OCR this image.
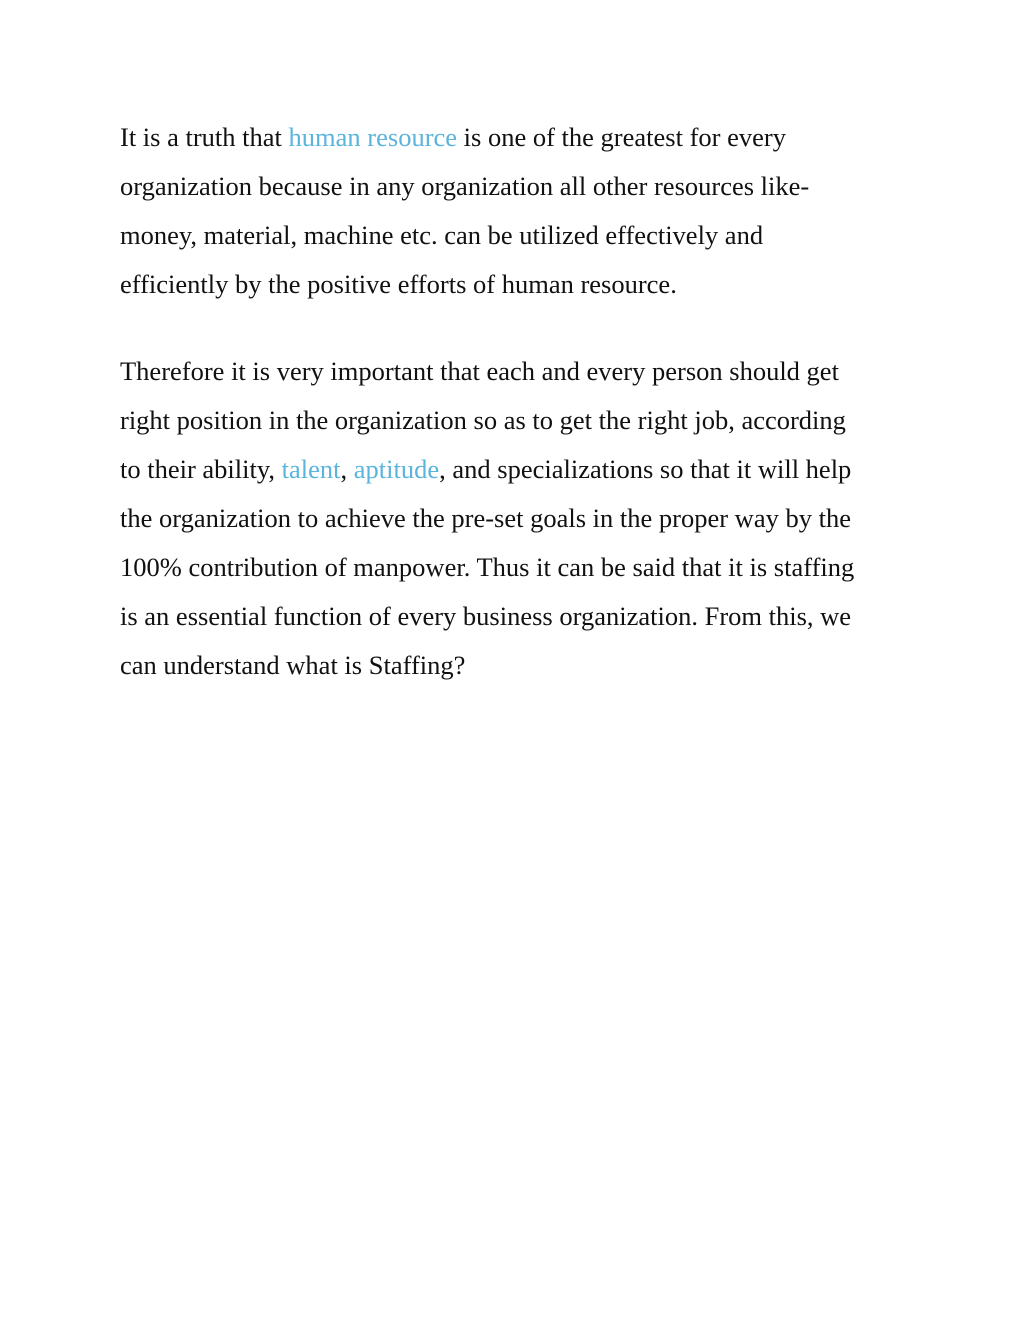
It is a truth that human resource is one of the greatest for every
organization because in any organization all other resources like-
money, material, machine etc. can be utilized effectively and
efficiently by the positive efforts of human resource.

Therefore it is very important that each and every person should get
right position in the organization so as to get the right job, according
to their ability, talent, aptitude, and specializations so that it will help
the organization to achieve the pre-set goals in the proper way by the
100% contribution of manpower. Thus it can be said that it is staffing
is an essential function of every business organization. From this, we
can understand what is Staffing?
